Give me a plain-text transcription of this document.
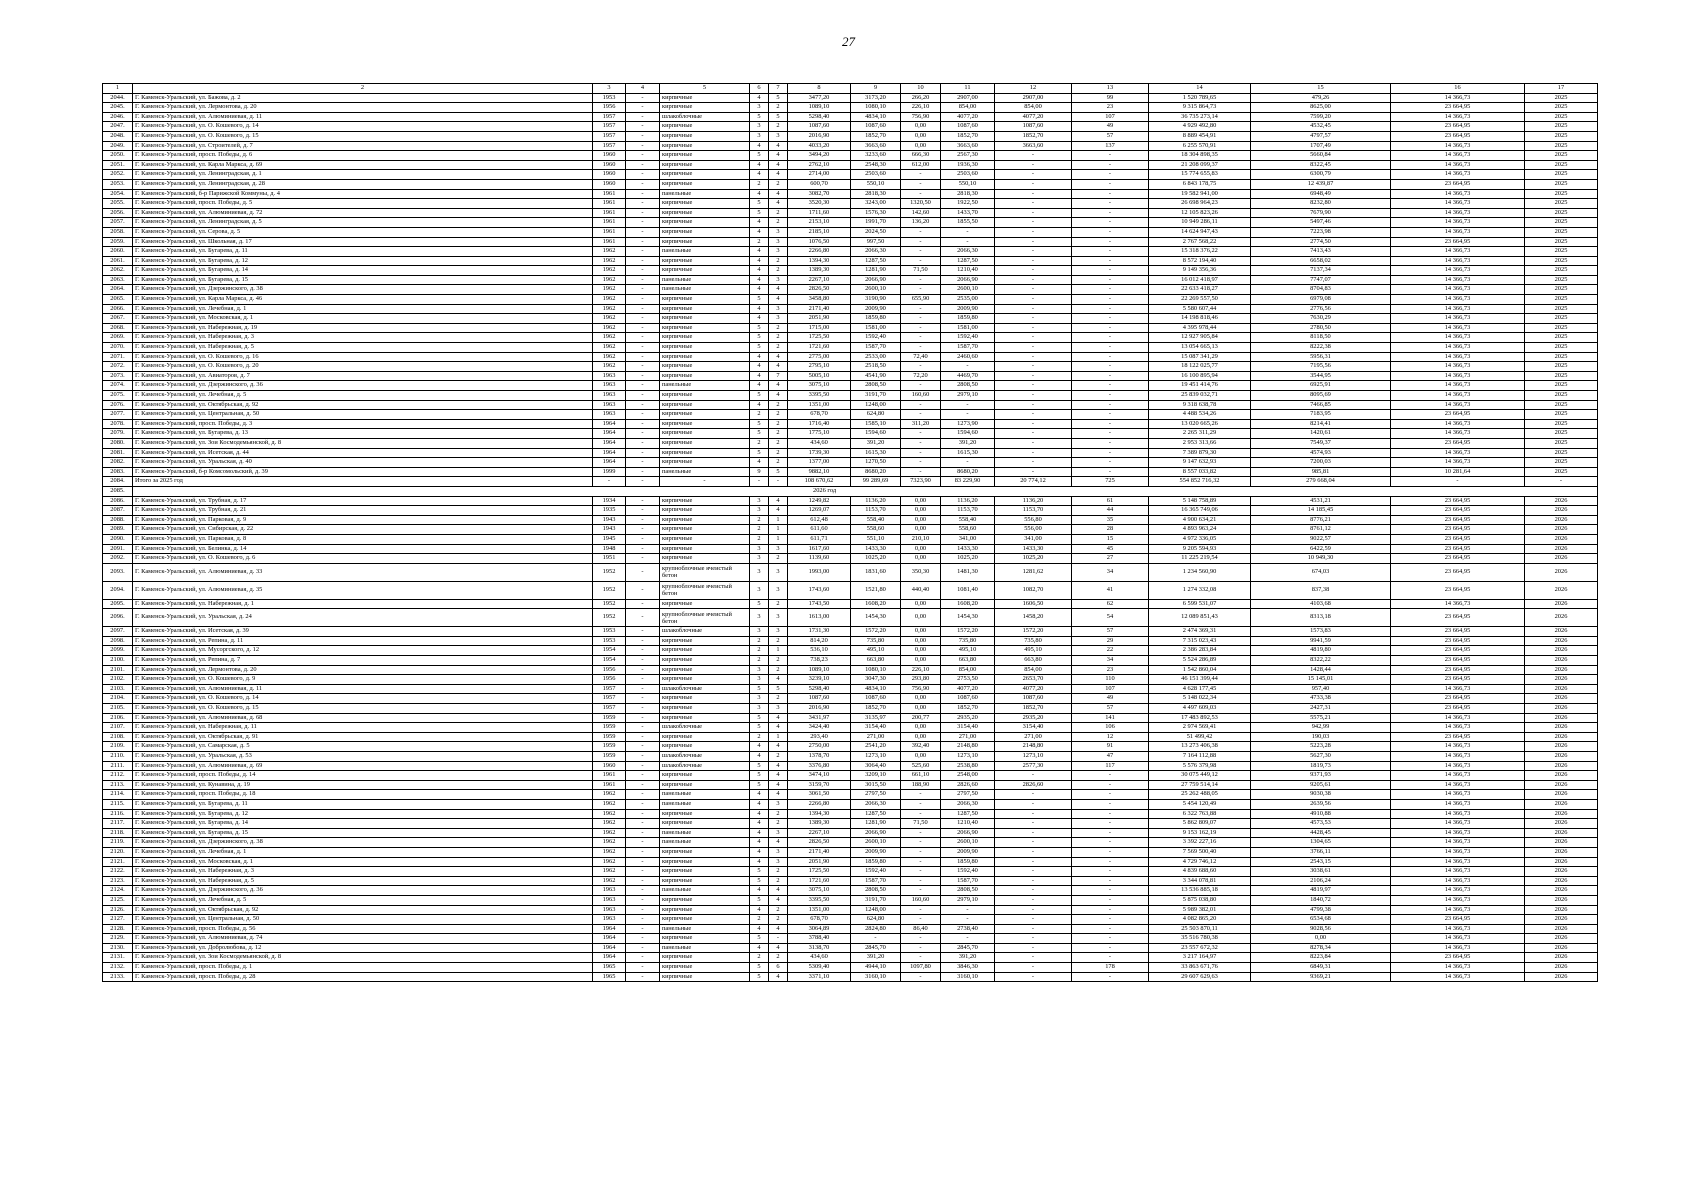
27
1	2	3	4	5	6	7	8	9	10	11	12	13	14	15	16	17
2044.	Г. Каменск-Уральский, ул. Бажова, д. 2	1953	-	кирпичные	4	5	3477,20	3173,20	266,20	2907,00	2907,00	99	1 520 789,65	479,26	14 366,73	2025
2045.	Г. Каменск-Уральский, ул. Лермонтова, д. 20	1956	-	кирпичные	3	2	1089,10	1080,10	226,10	854,00	854,00	23	9 315 864,73	8625,00	23 664,95	2025
2046.	Г. Каменск-Уральский, ул. Алюминиевая, д. 11	1957	-	шлакоблочные	5	5	5298,40	4834,10	756,90	4077,20	4077,20	107	36 735 273,14	7599,20	14 366,73	2025
2047.	Г. Каменск-Уральский, ул. О. Кошевого, д. 14	1957	-	кирпичные	3	2	1087,60	1087,60	0,00	1087,60	1087,60	49	4 929 492,80	4532,45	23 664,95	2025
2048.	Г. Каменск-Уральский, ул. О. Кошевого, д. 15	1957	-	кирпичные	3	3	2016,90	1852,70	0,00	1852,70	1852,70	57	8 889 454,91	4797,57	23 664,95	2025
2049.	Г. Каменск-Уральский, ул. Строителей, д. 7	1957	-	кирпичные	4	4	4033,20	3663,60	0,00	3663,60	3663,60	137	6 255 570,91	1707,49	14 366,73	2025
2050.	Г. Каменск-Уральский, просп. Победы, д. 6	1960	-	кирпичные	5	4	3494,20	3233,60	666,30	2567,30	-	-	18 304 898,35	5660,84	14 366,73	2025
2051.	Г. Каменск-Уральский, ул. Карла Маркса, д. 69	1960	-	кирпичные	4	4	2762,10	2548,30	612,00	1936,30	-	-	21 208 099,37	8322,45	14 366,73	2025
2052.	Г. Каменск-Уральский, ул. Ленинградская, д. 1	1960	-	кирпичные	4	4	2714,00	2503,60	-	2503,60	-	-	15 774 655,83	6300,79	14 366,73	2025
2053.	Г. Каменск-Уральский, ул. Ленинградская, д. 28	1960	-	кирпичные	2	2	600,70	550,10	-	550,10	-	-	6 843 178,75	12 439,87	23 664,95	2025
2054.	Г. Каменск-Уральский, б-р Парижской Коммуны, д. 4	1961	-	панельные	4	4	3082,70	2818,30	-	2818,30	-	-	19 582 941,00	6948,49	14 366,73	2025
2055.	Г. Каменск-Уральский, просп. Победы, д. 5	1961	-	кирпичные	5	4	3520,30	3243,00	1320,50	1922,50	-	-	26 698 964,23	8232,80	14 366,73	2025
2056.	Г. Каменск-Уральский, ул. Алюминиевая, д. 72	1961	-	кирпичные	5	2	1711,60	1576,30	142,60	1433,70	-	-	12 105 823,26	7679,90	14 366,73	2025
2057.	Г. Каменск-Уральский, ул. Ленинградская, д. 5	1961	-	кирпичные	4	2	2153,10	1991,70	136,20	1855,50	-	-	10 949 286,11	5497,46	14 366,73	2025
2058.	Г. Каменск-Уральский, ул. Серова, д. 5	1961	-	кирпичные	4	3	2185,10	2024,50	-	-	-	-	14 624 947,43	7223,98	14 366,73	2025
2059.	Г. Каменск-Уральский, ул. Школьная, д. 17	1961	-	кирпичные	2	3	1076,50	997,50	-	-	-	-	2 767 568,22	2774,50	23 664,95	2025
2060.	Г. Каменск-Уральский, ул. Бугарева, д. 11	1962	-	панельные	4	3	2266,80	2066,30	-	2066,30	-	-	15 318 376,22	7413,43	14 366,73	2025
2061.	Г. Каменск-Уральский, ул. Бугарева, д. 12	1962	-	кирпичные	4	2	1394,30	1287,50	-	1287,50	-	-	8 572 194,40	6658,02	14 366,73	2025
2062.	Г. Каменск-Уральский, ул. Бугарева, д. 14	1962	-	кирпичные	4	2	1389,30	1281,90	71,50	1210,40	-	-	9 149 356,36	7137,34	14 366,73	2025
2063.	Г. Каменск-Уральский, ул. Бугарева, д. 15	1962	-	панельные	4	3	2267,10	2066,90	-	2066,90	-	-	16 012 418,97	7747,07	14 366,73	2025
2064.	Г. Каменск-Уральский, ул. Дзержинского, д. 38	1962	-	панельные	4	4	2826,50	2600,10	-	2600,10	-	-	22 633 418,27	8704,83	14 366,73	2025
2065.	Г. Каменск-Уральский, ул. Карла Маркса, д. 46	1962	-	кирпичные	5	4	3458,80	3190,90	655,90	2535,00	-	-	22 269 557,50	6979,08	14 366,73	2025
2066.	Г. Каменск-Уральский, ул. Лечебная, д. 1	1962	-	кирпичные	4	3	2171,40	2009,90	-	2009,90	-	-	5 580 607,44	2776,56	14 366,73	2025
2067.	Г. Каменск-Уральский, ул. Московская, д. 1	1962	-	кирпичные	4	3	2051,90	1859,80	-	1859,80	-	-	14 198 818,46	7630,29	14 366,73	2025
2068.	Г. Каменск-Уральский, ул. Набережная, д. 19	1962	-	кирпичные	5	2	1715,00	1581,00	-	1581,00	-	-	4 395 978,44	2780,50	14 366,73	2025
2069.	Г. Каменск-Уральский, ул. Набережная, д. 3	1962	-	кирпичные	5	2	1725,50	1592,40	-	1592,40	-	-	12 927 905,84	8118,50	14 366,73	2025
2070.	Г. Каменск-Уральский, ул. Набережная, д. 5	1962	-	кирпичные	5	2	1721,60	1587,70	-	1587,70	-	-	13 054 665,13	8222,38	14 366,73	2025
2071.	Г. Каменск-Уральский, ул. О. Кошевого, д. 16	1962	-	кирпичные	4	4	2775,00	2533,00	72,40	2460,60	-	-	15 087 341,29	5956,31	14 366,73	2025
2072.	Г. Каменск-Уральский, ул. О. Кошевого, д. 20	1962	-	кирпичные	4	4	2795,10	2518,50	-	-	-	-	18 122 025,77	7195,56	14 366,73	2025
2073.	Г. Каменск-Уральский, ул. Авиаторов, д. 7	1963	-	кирпичные	4	7	5005,10	4541,90	72,20	4469,70	-	-	16 100 895,94	3544,95	14 366,73	2025
2074.	Г. Каменск-Уральский, ул. Дзержинского, д. 36	1963	-	панельные	4	4	3075,10	2808,50	-	2808,50	-	-	19 451 414,76	6925,91	14 366,73	2025
2075.	Г. Каменск-Уральский, ул. Лечебная, д. 5	1963	-	кирпичные	5	4	3395,50	3191,70	160,60	2979,10	-	-	25 839 032,71	8095,69	14 366,73	2025
2076.	Г. Каменск-Уральский, ул. Октябрьская, д. 92	1963	-	кирпичные	4	2	1351,00	1248,00	-	-	-	-	9 318 638,78	7466,85	14 366,73	2025
2077.	Г. Каменск-Уральский, ул. Центральная, д. 50	1963	-	кирпичные	2	2	678,70	624,80	-	-	-	-	4 488 534,26	7183,95	23 664,95	2025
2078.	Г. Каменск-Уральский, просп. Победы, д. 3	1964	-	кирпичные	5	2	1716,40	1585,10	311,20	1273,90	-	-	13 020 665,26	8214,41	14 366,73	2025
2079.	Г. Каменск-Уральский, ул. Бугарева, д. 13	1964	-	кирпичные	5	2	1775,10	1594,60	-	1594,60	-	-	2 265 311,29	1420,61	14 366,73	2025
2080.	Г. Каменск-Уральский, ул. Зои Космодемьянской, д. 8	1964	-	кирпичные	2	2	434,60	391,20	-	391,20	-	-	2 953 313,66	7549,37	23 664,95	2025
2081.	Г. Каменск-Уральский, ул. Исетская, д. 44	1964	-	кирпичные	5	2	1739,30	1615,30	-	1615,30	-	-	7 389 879,30	4574,93	14 366,73	2025
2082.	Г. Каменск-Уральский, ул. Уральская, д. 40	1964	-	кирпичные	4	2	1377,00	1270,50	-	-	-	-	9 147 632,93	7200,03	14 366,73	2025
2083.	Г. Каменск-Уральский, б-р Комсомольский, д. 39	1999	-	панельные	9	5	9882,10	8680,20	-	8680,20	-	-	8 557 033,82	985,81	10 281,64	2025
2084.	Итого за 2025 год	-	-	-	-	-	108 670,62	99 289,69	7323,90	83 229,90	20 774,12	725	554 852 716,32	279 668,04	-	-
2085.	2026 год															
2086.	Г. Каменск-Уральский, ул. Трубная, д. 17	1934	-	кирпичные	3	4	1249,82	1136,20	0,00	1136,20	1136,20	61	5 148 758,89	4531,21	23 664,95	2026
2087.	Г. Каменск-Уральский, ул. Трубная, д. 21	1935	-	кирпичные	3	4	1269,07	1153,70	0,00	1153,70	1153,70	44	16 365 749,06	14 185,45	23 664,95	2026
2088.	Г. Каменск-Уральский, ул. Парковая, д. 9	1943	-	кирпичные	2	1	612,48	558,40	0,00	558,40	556,80	35	4 900 634,21	8776,21	23 664,95	2026
2089.	Г. Каменск-Уральский, ул. Сибирская, д. 22	1943	-	кирпичные	2	1	611,60	558,60	0,00	558,60	556,00	28	4 893 963,24	8761,12	23 664,95	2026
2090.	Г. Каменск-Уральский, ул. Парковая, д. 8	1945	-	кирпичные	2	1	611,71	551,10	210,10	341,00	341,00	15	4 972 336,05	9022,57	23 664,95	2026
2091.	Г. Каменск-Уральский, ул. Белинка, д. 14	1948	-	кирпичные	3	3	1617,60	1433,30	0,00	1433,30	1433,30	45	9 205 594,93	6422,59	23 664,95	2026
2092.	Г. Каменск-Уральский, ул. О. Кошевого, д. 6	1951	-	кирпичные	3	2	1139,60	1025,20	0,00	1025,20	1025,20	27	11 225 219,54	10 949,30	23 664,95	2026
2093.	Г. Каменск-Уральский, ул. Алюминиевая, д. 33	1952	-	крупноблочные ячеистый бетон	3	3	1993,00	1831,60	350,30	1481,30	1281,62	34	1 234 560,90	674,03	23 664,95	2026
2094.	Г. Каменск-Уральский, ул. Алюминиевая, д. 35	1952	-	крупноблочные ячеистый бетон	3	3	1743,60	1521,80	440,40	1081,40	1082,70	41	1 274 332,08	837,38	23 664,95	2026
2095.	Г. Каменск-Уральский, ул. Набережная, д. 1	1952	-	кирпичные	5	2	1743,50	1608,20	0,00	1608,20	1606,50	62	6 599 531,07	4103,68	14 366,73	2026
2096.	Г. Каменск-Уральский, ул. Уральская, д. 24	1952	-	крупноблочные ячеистый бетон	3	3	1613,00	1454,30	0,00	1454,30	1458,20	54	12 089 851,43	8313,18	23 664,95	2026
2097.	Г. Каменск-Уральский, ул. Исетская, д. 39	1953	-	шлакоблочные	3	3	1731,30	1572,20	0,00	1572,20	1572,20	57	2 474 369,31	1573,83	23 664,95	2026
2098.	Г. Каменск-Уральский, ул. Репина, д. 11	1953	-	кирпичные	2	2	814,20	735,80	0,00	735,80	735,80	29	7 315 023,43	9941,59	23 664,95	2026
2099.	Г. Каменск-Уральский, ул. Мусоргского, д. 12	1954	-	кирпичные	2	1	536,10	495,10	0,00	495,10	495,10	22	2 386 283,84	4819,80	23 664,95	2026
2100.	Г. Каменск-Уральский, ул. Репина, д. 7	1954	-	кирпичные	2	2	738,23	663,80	0,00	663,80	663,80	34	5 524 286,89	8322,22	23 664,95	2026
2101.	Г. Каменск-Уральский, ул. Лермонтова, д. 20	1956	-	кирпичные	3	2	1089,10	1080,10	226,10	854,00	854,00	23	1 542 860,04	1428,44	23 664,95	2026
2102.	Г. Каменск-Уральский, ул. О. Кошевого, д. 9	1956	-	кирпичные	3	4	3239,10	3047,30	293,80	2753,50	2653,70	110	46 151 399,44	15 145,01	23 664,95	2026
2103.	Г. Каменск-Уральский, ул. Алюминиевая, д. 11	1957	-	шлакоблочные	5	5	5298,40	4834,10	756,90	4077,20	4077,20	107	4 628 177,45	957,40	14 366,73	2026
2104.	Г. Каменск-Уральский, ул. О. Кошевого, д. 14	1957	-	кирпичные	3	2	1087,60	1087,60	0,00	1087,60	1087,60	49	5 148 022,34	4733,38	23 664,95	2026
2105.	Г. Каменск-Уральский, ул. О. Кошевого, д. 15	1957	-	кирпичные	3	3	2016,90	1852,70	0,00	1852,70	1852,70	57	4 497 609,03	2427,31	23 664,95	2026
2106.	Г. Каменск-Уральский, ул. Алюминиевая, д. 68	1959	-	кирпичные	5	4	3431,97	3135,97	200,77	2935,20	2935,20	141	17 483 892,53	5575,21	14 366,73	2026
2107.	Г. Каменск-Уральский, ул. Набережная, д. 11	1959	-	шлакоблочные	5	4	3424,40	3154,40	0,00	3154,40	3154,40	106	2 974 569,41	942,99	14 366,73	2026
2108.	Г. Каменск-Уральский, ул. Октябрьская, д. 91	1959	-	кирпичные	2	1	293,40	271,00	0,00	271,00	271,00	12	51 499,42	190,03	23 664,95	2026
2109.	Г. Каменск-Уральский, ул. Самарская, д. 5	1959	-	кирпичные	4	4	2750,00	2541,20	392,40	2148,80	2148,80	91	13 273 406,38	5223,28	14 366,73	2026
2110.	Г. Каменск-Уральский, ул. Уральская, д. 53	1959	-	шлакоблочные	4	2	1378,70	1273,10	0,00	1273,10	1273,10	47	7 164 112,88	5627,30	14 366,73	2026
2111.	Г. Каменск-Уральский, ул. Алюминиевая, д. 69	1960	-	шлакоблочные	5	4	3376,80	3064,40	525,60	2538,80	2577,30	117	5 576 379,98	1819,73	14 366,73	2026
2112.	Г. Каменск-Уральский, просп. Победы, д. 14	1961	-	кирпичные	5	4	3474,10	3209,10	661,10	2548,00	-	-	30 075 449,12	9371,93	14 366,73	2026
2113.	Г. Каменск-Уральский, ул. Кунавина, д. 19	1961	-	кирпичные	5	4	3159,70	3015,50	188,90	2826,60	2826,60	-	27 759 514,14	9205,61	14 366,73	2026
2114.	Г. Каменск-Уральский, просп. Победы, д. 18	1962	-	панельные	4	4	3061,50	2797,50	-	2797,50	-	-	25 262 488,05	9030,38	14 366,73	2026
2115.	Г. Каменск-Уральский, ул. Бугарева, д. 11	1962	-	панельные	4	3	2266,80	2066,30	-	2066,30	-	-	5 454 120,49	2639,56	14 366,73	2026
2116.	Г. Каменск-Уральский, ул. Бугарева, д. 12	1962	-	кирпичные	4	2	1394,30	1287,50	-	1287,50	-	-	6 322 763,88	4910,88	14 366,73	2026
2117.	Г. Каменск-Уральский, ул. Бугарева, д. 14	1962	-	кирпичные	4	2	1389,30	1281,90	71,50	1210,40	-	-	5 862 809,07	4573,53	14 366,73	2026
2118.	Г. Каменск-Уральский, ул. Бугарева, д. 15	1962	-	панельные	4	3	2267,10	2066,90	-	2066,90	-	-	9 153 162,19	4428,45	14 366,73	2026
2119.	Г. Каменск-Уральский, ул. Дзержинского, д. 38	1962	-	панельные	4	4	2826,50	2600,10	-	2600,10	-	-	3 392 227,16	1304,65	14 366,73	2026
2120.	Г. Каменск-Уральский, ул. Лечебная, д. 1	1962	-	кирпичные	4	3	2171,40	2009,90	-	2009,90	-	-	7 569 500,40	3766,11	14 366,73	2026
2121.	Г. Каменск-Уральский, ул. Московская, д. 1	1962	-	кирпичные	4	3	2051,90	1859,80	-	1859,80	-	-	4 729 746,12	2543,15	14 366,73	2026
2122.	Г. Каменск-Уральский, ул. Набережная, д. 3	1962	-	кирпичные	5	2	1725,50	1592,40	-	1592,40	-	-	4 839 688,60	3038,61	14 366,73	2026
2123.	Г. Каменск-Уральский, ул. Набережная, д. 5	1962	-	кирпичные	5	2	1721,60	1587,70	-	1587,70	-	-	3 344 078,81	2106,24	14 366,73	2026
2124.	Г. Каменск-Уральский, ул. Дзержинского, д. 36	1963	-	панельные	4	4	3075,10	2808,50	-	2808,50	-	-	13 536 885,18	4819,97	14 366,73	2026
2125.	Г. Каменск-Уральский, ул. Лечебная, д. 5	1963	-	кирпичные	5	4	3395,50	3191,70	160,60	2979,10	-	-	5 875 038,80	1840,72	14 366,73	2026
2126.	Г. Каменск-Уральский, ул. Октябрьская, д. 92	1963	-	кирпичные	4	2	1351,00	1248,00	-	-	-	-	5 989 382,01	4799,38	14 366,73	2026
2127.	Г. Каменск-Уральский, ул. Центральная, д. 50	1963	-	кирпичные	2	2	678,70	624,80	-	-	-	-	4 082 865,20	6534,68	23 664,95	2026
2128.	Г. Каменск-Уральский, просп. Победы, д. 56	1964	-	панельные	4	4	3064,89	2824,80	86,40	2738,40	-	-	25 503 870,11	9028,56	14 366,73	2026
2129.	Г. Каменск-Уральский, ул. Алюминиевая, д. 74	1964	-	кирпичные	5	-	3788,40	-	-	-	-	-	35 516 780,38	0,00	14 366,73	2026
2130.	Г. Каменск-Уральский, ул. Добролюбова, д. 12	1964	-	панельные	4	4	3138,70	2845,70	-	2845,70	-	-	23 557 672,32	8278,34	14 366,73	2026
2131.	Г. Каменск-Уральский, ул. Зои Космодемьянской, д. 8	1964	-	кирпичные	2	2	434,60	391,20	-	391,20	-	-	3 217 164,97	8223,84	23 664,95	2026
2132.	Г. Каменск-Уральский, просп. Победы, д. 1	1965	-	кирпичные	5	6	5309,40	4944,10	1097,80	3846,30	-	178	33 863 671,76	6849,31	14 366,73	2026
2133.	Г. Каменск-Уральский, просп. Победы, д. 28	1965	-	кирпичные	5	4	3371,10	3160,10	-	3160,10	-	-	29 607 629,63	9369,21	14 366,73	2026
